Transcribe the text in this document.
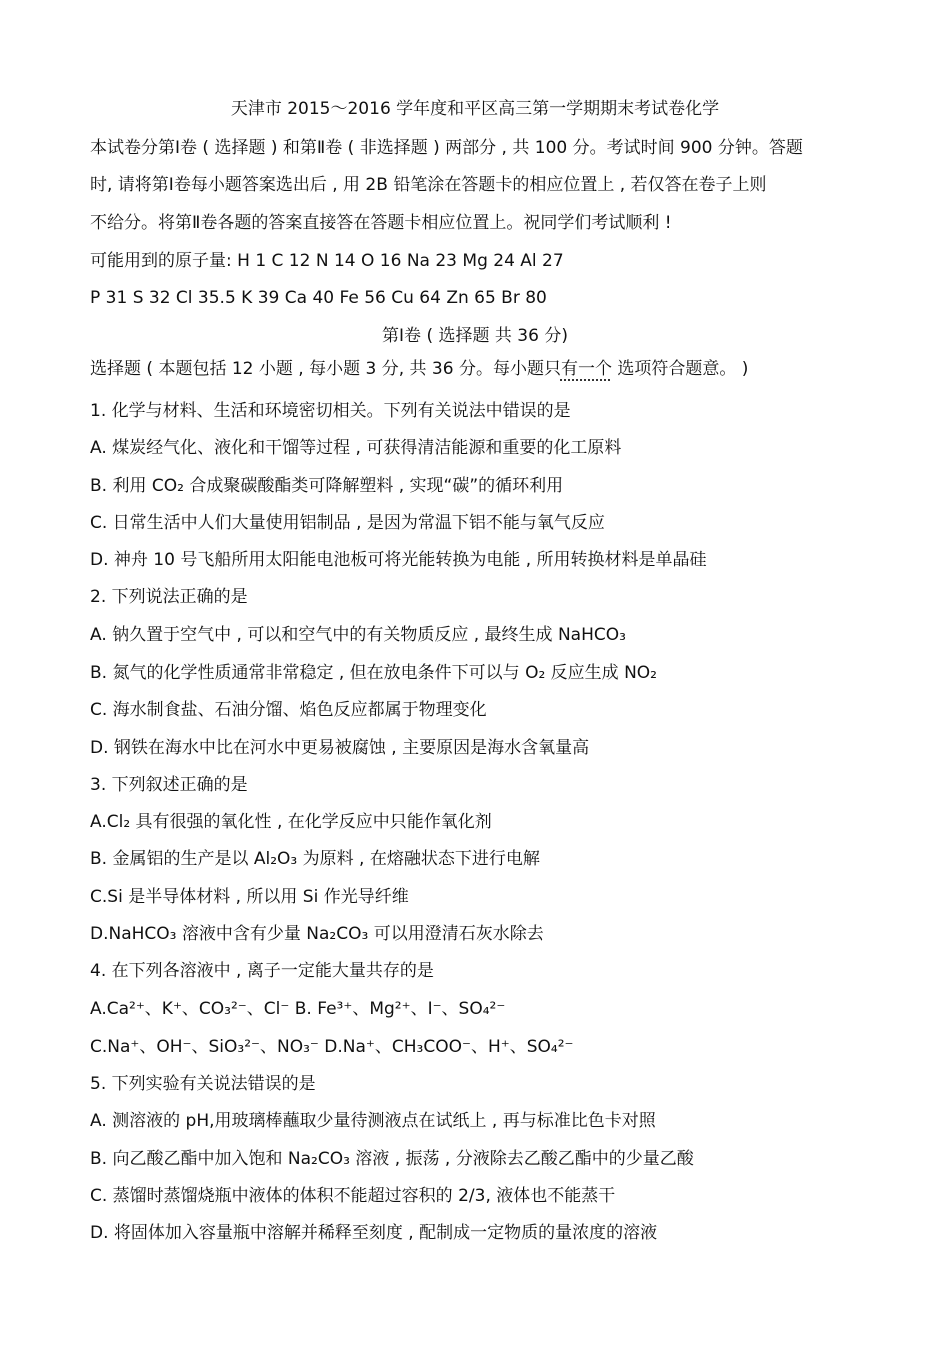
天津市 2015～2016 学年度和平区高三第一学期期末考试卷化学
本试卷分第Ⅰ卷 ( 选择题 ) 和第Ⅱ卷 ( 非选择题 ) 两部分 , 共 100 分。考试时间 900 分钟。答题
时, 请将第Ⅰ卷每小题答案选出后 , 用 2B 铅笔涂在答题卡的相应位置上 , 若仅答在卷子上则
不给分。将第Ⅱ卷各题的答案直接答在答题卡相应位置上。祝同学们考试顺利 !
可能用到的原子量: H 1 C 12 N 14 O 16 Na 23 Mg 24 Al 27
P 31 S 32 Cl 35.5 K 39 Ca 40 Fe 56 Cu 64 Zn 65 Br 80
第Ⅰ卷 ( 选择题 共 36 分)
选择题 ( 本题包括 12 小题 , 每小题 3 分, 共 36 分。每小题只有一个 选项符合题意。 )
1. 化学与材料、生活和环境密切相关。下列有关说法中错误的是
A. 煤炭经气化、液化和干馏等过程 , 可获得清洁能源和重要的化工原料
B. 利用 CO₂ 合成聚碳酸酯类可降解塑料 , 实现“碳”的循环利用
C. 日常生活中人们大量使用铝制品 , 是因为常温下铝不能与氧气反应
D. 神舟 10 号飞船所用太阳能电池板可将光能转换为电能 , 所用转换材料是单晶硅
2. 下列说法正确的是
A. 钠久置于空气中 , 可以和空气中的有关物质反应 , 最终生成 NaHCO₃
B. 氮气的化学性质通常非常稳定 , 但在放电条件下可以与 O₂ 反应生成 NO₂
C. 海水制食盐、石油分馏、焰色反应都属于物理变化
D. 钢铁在海水中比在河水中更易被腐蚀 , 主要原因是海水含氧量高
3. 下列叙述正确的是
A.Cl₂ 具有很强的氧化性 , 在化学反应中只能作氧化剂
B. 金属铝的生产是以 Al₂O₃ 为原料 , 在熔融状态下进行电解
C.Si 是半导体材料 , 所以用 Si 作光导纤维
D.NaHCO₃ 溶液中含有少量 Na₂CO₃ 可以用澄清石灰水除去
4. 在下列各溶液中 , 离子一定能大量共存的是
A.Ca²⁺、K⁺、CO₃²⁻、Cl⁻ B. Fe³⁺、Mg²⁺、I⁻、SO₄²⁻
C.Na⁺、OH⁻、SiO₃²⁻、NO₃⁻ D.Na⁺、CH₃COO⁻、H⁺、SO₄²⁻
5. 下列实验有关说法错误的是
A. 测溶液的 pH,用玻璃棒蘸取少量待测液点在试纸上 , 再与标准比色卡对照
B. 向乙酸乙酯中加入饱和 Na₂CO₃ 溶液 , 振荡 , 分液除去乙酸乙酯中的少量乙酸
C. 蒸馏时蒸馏烧瓶中液体的体积不能超过容积的 2/3, 液体也不能蒸干
D. 将固体加入容量瓶中溶解并稀释至刻度 , 配制成一定物质的量浓度的溶液
